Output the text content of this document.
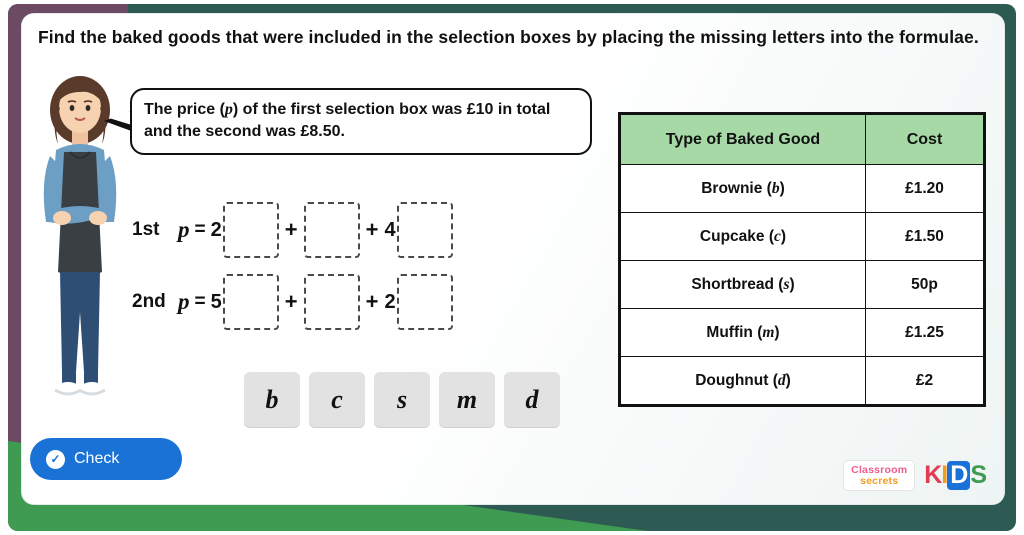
Find the baked goods that were included in the selection boxes by placing the missing letters into the formulae.
The price (p) of the first selection box was £10 in total and the second was £8.50.
1st p = 2	+	+ 4
2nd p = 5	+	+ 2
b	c	s	m	d
Type of Baked Good	Cost
Brownie (b)	£1.20
Cupcake (c)	£1.50
Shortbread (s)	50p
Muffin (m)	£1.25
Doughnut (d)	£2
✓ Check
Classroom
secrets	K I D S
